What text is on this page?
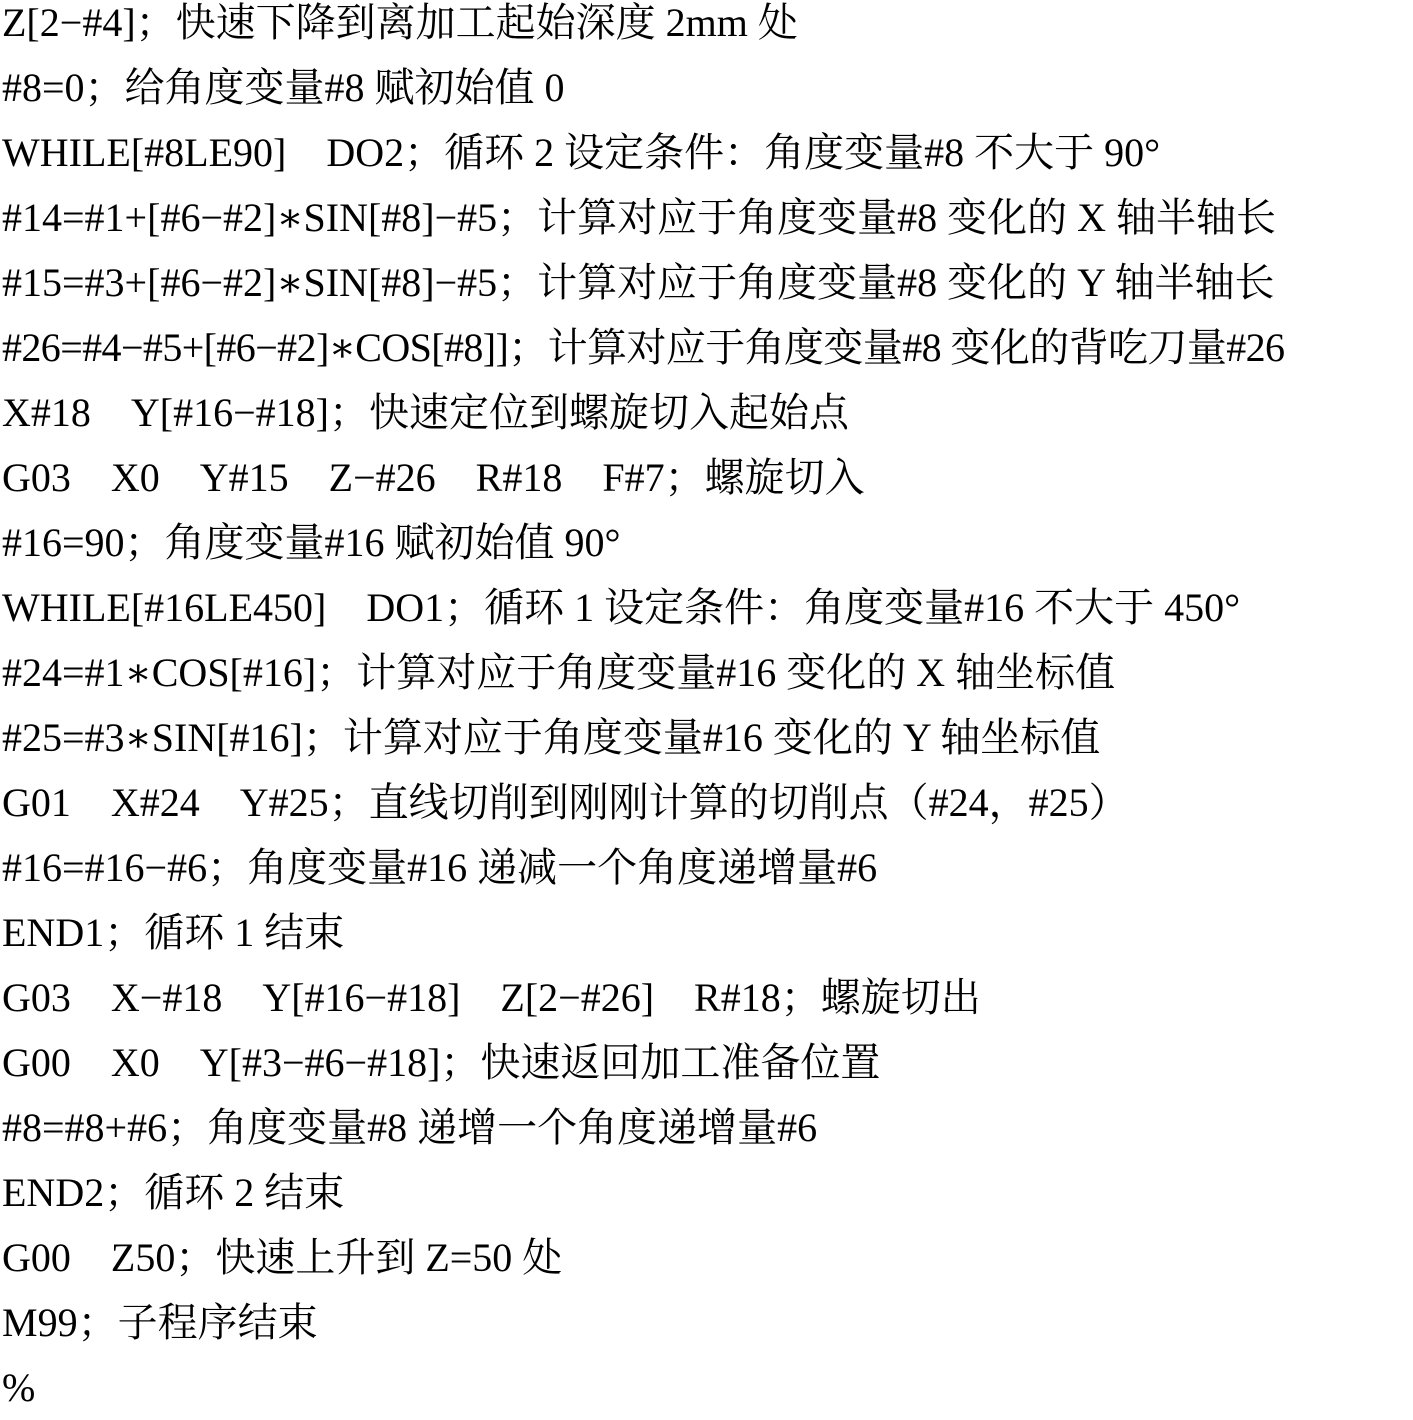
Z[2−#4]；快速下降到离加工起始深度 2mm 处
#8=0；给角度变量#8 赋初始值 0
WHILE[#8LE90]　DO2；循环 2 设定条件：角度变量#8 不大于 90°
#14=#1+[#6−#2]∗SIN[#8]−#5；计算对应于角度变量#8 变化的 X 轴半轴长
#15=#3+[#6−#2]∗SIN[#8]−#5；计算对应于角度变量#8 变化的 Y 轴半轴长
#26=#4−#5+[#6−#2]∗COS[#8]]；计算对应于角度变量#8 变化的背吃刀量#26
X#18　Y[#16−#18]；快速定位到螺旋切入起始点
G03　X0　Y#15　Z−#26　R#18　F#7；螺旋切入
#16=90；角度变量#16 赋初始值 90°
WHILE[#16LE450]　DO1；循环 1 设定条件：角度变量#16 不大于 450°
#24=#1∗COS[#16]；计算对应于角度变量#16 变化的 X 轴坐标值
#25=#3∗SIN[#16]；计算对应于角度变量#16 变化的 Y 轴坐标值
G01　X#24　Y#25；直线切削到刚刚计算的切削点（#24，#25）
#16=#16−#6；角度变量#16 递减一个角度递增量#6
END1；循环 1 结束
G03　X−#18　Y[#16−#18]　Z[2−#26]　R#18；螺旋切出
G00　X0　Y[#3−#6−#18]；快速返回加工准备位置
#8=#8+#6；角度变量#8 递增一个角度递增量#6
END2；循环 2 结束
G00　Z50；快速上升到 Z=50 处
M99；子程序结束
%
